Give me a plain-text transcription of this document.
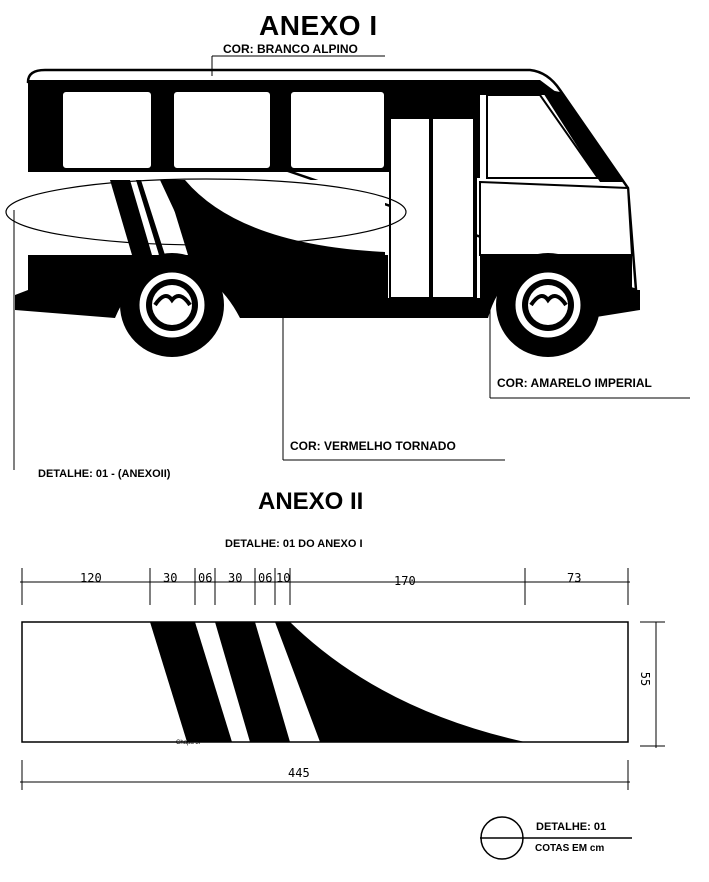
ANEXO I
COR: BRANCO ALPINO
COR: AMARELO IMPERIAL
COR: VERMELHO TORNADO
DETALHE: 01 - (ANEXOII)
ANEXO II
DETALHE: 01 DO ANEXO I
120	30 06 30 06 10	170	73
55
445
Chapa 3f
DETALHE: 01
COTAS EM cm
